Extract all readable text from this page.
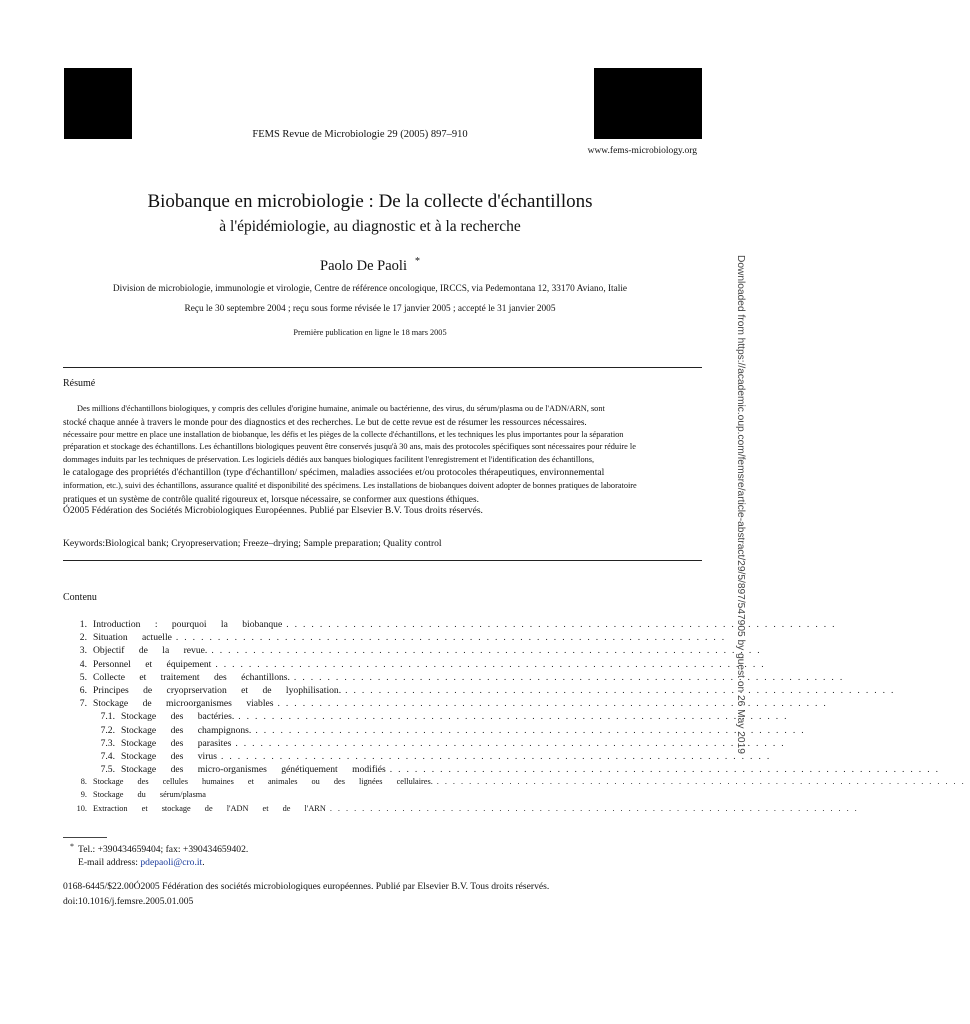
FEMS Revue de Microbiologie 29 (2005) 897–910
www.fems-microbiology.org
Biobanque en microbiologie : De la collecte d'échantillons
à l'épidémiologie, au diagnostic et à la recherche
Paolo De Paoli *
Division de microbiologie, immunologie et virologie, Centre de référence oncologique, IRCCS, via Pedemontana 12, 33170 Aviano, Italie
Reçu le 30 septembre 2004 ; reçu sous forme révisée le 17 janvier 2005 ; accepté le 31 janvier 2005
Première publication en ligne le 18 mars 2005
Résumé
Des millions d'échantillons biologiques, y compris des cellules d'origine humaine, animale ou bactérienne, des virus, du sérum/plasma ou de l'ADN/ARN, sont
stocké chaque année à travers le monde pour des diagnostics et des recherches. Le but de cette revue est de résumer les ressources nécessaires.
nécessaire pour mettre en place une installation de biobanque, les défis et les pièges de la collecte d'échantillons, et les techniques les plus importantes pour la séparation
préparation et stockage des échantillons. Les échantillons biologiques peuvent être conservés jusqu'à 30 ans, mais des protocoles spécifiques sont nécessaires pour réduire le
dommages induits par les techniques de préservation. Les logiciels dédiés aux banques biologiques facilitent l'enregistrement et l'identification des échantillons,
le catalogage des propriétés d'échantillon (type d'échantillon/ spécimen, maladies associées et/ou protocoles thérapeutiques, environnemental
information, etc.), suivi des échantillons, assurance qualité et disponibilité des spécimens. Les installations de biobanques doivent adopter de bonnes pratiques de laboratoire
pratiques et un système de contrôle qualité rigoureux et, lorsque nécessaire, se conformer aux questions éthiques.
Ó2005 Fédération des Sociétés Microbiologiques Européennes. Publié par Elsevier B.V. Tous droits réservés.
Keywords:Biological bank; Cryopreservation; Freeze–drying; Sample preparation; Quality control
Contenu
1. Introduction : pourquoi la biobanque ..................................................................
2. Situation actuelle ..................................................................
3. Objectif de la revue. ..................................................................
4. Personnel et équipement ..................................................................
5. Collecte et traitement des échantillons. ..................................................................
6. Principes de cryoprservation et de lyophilisation. ..................................................................
7. Stockage de microorganismes viables ..................................................................
7.1. Stockage des bactéries. ..................................................................
7.2. Stockage des champignons. ..................................................................
7.3. Stockage des parasites ..................................................................
7.4. Stockage des virus ..................................................................
7.5. Stockage des micro-organismes génétiquement modifiés ..................................................................
8. Stockage des cellules humaines et animales ou des lignées cellulaires. ..................................................................
9. Stockage du sérum/plasma
10. Extraction et stockage de l'ADN et de l'ARN ..................................................................
* Tel.: +390434659404; fax: +390434659402.
E-mail address: pdepaoli@cro.it.
0168-6445/$22.00Ó2005 Fédération des sociétés microbiologiques européennes. Publié par Elsevier B.V. Tous droits réservés.
doi:10.1016/j.femsre.2005.01.005
Downloaded from https://academic.oup.com/femsre/article-abstract/29/5/897/547905 by guest on 26 May 2019
